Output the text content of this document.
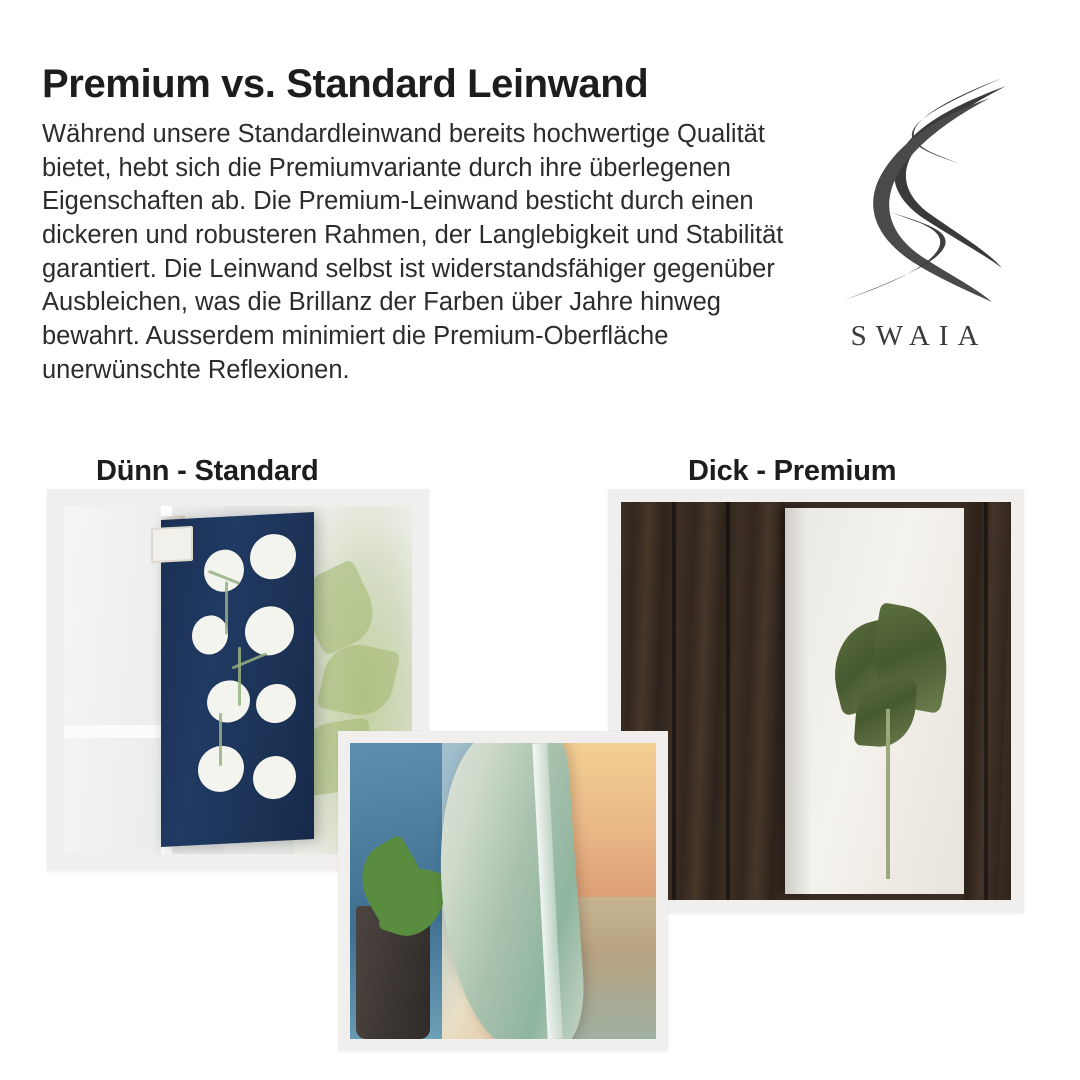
Premium vs. Standard Leinwand
Während unsere Standardleinwand bereits hochwertige Qualität bietet, hebt sich die Premiumvariante durch ihre überlegenen Eigenschaften ab. Die Premium-Leinwand besticht durch einen dickeren und robusteren Rahmen, der Langlebigkeit und Stabilität garantiert. Die Leinwand selbst ist widerstandsfähiger gegenüber Ausbleichen, was die Brillanz der Farben über Jahre hinweg bewahrt. Ausserdem minimiert die Premium-Oberfläche unerwünschte Reflexionen.
SWAIA
Dünn - Standard	Dick - Premium
